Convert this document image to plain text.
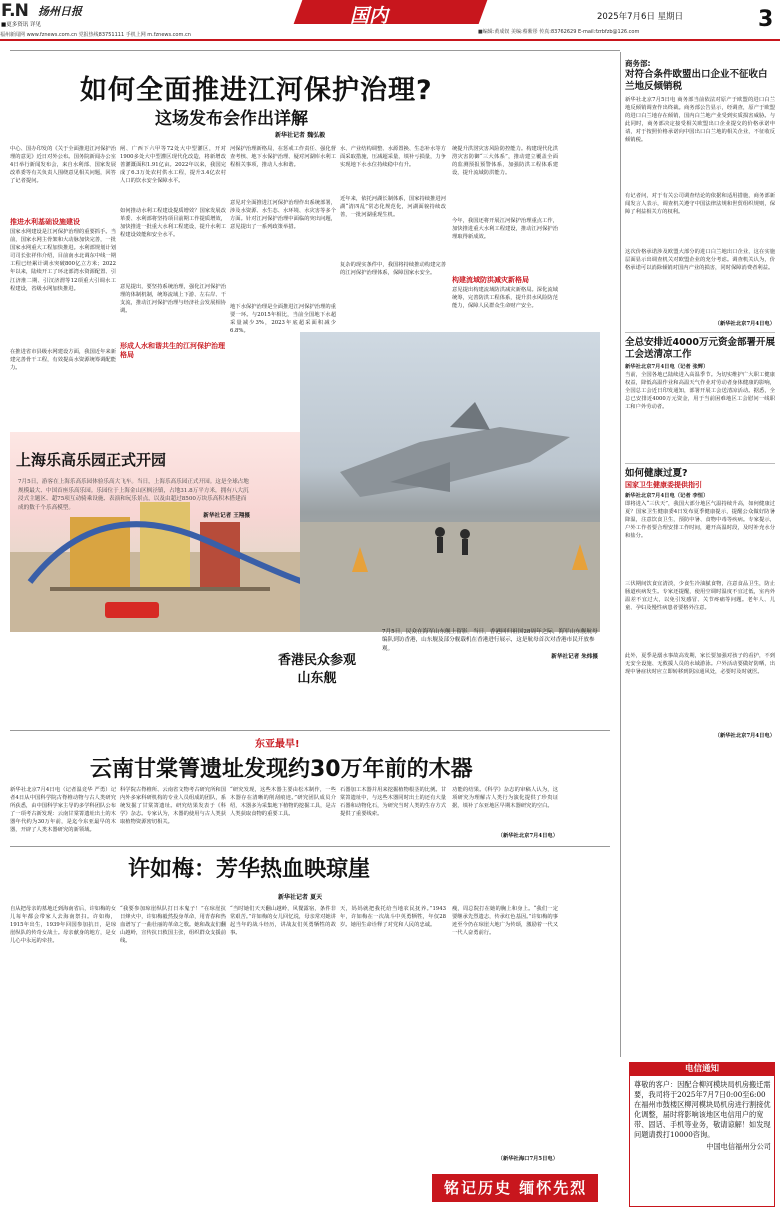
F.N 扬州日报
■更多资讯 详见
福州新闻网 www.fznews.com.cn 党报热线83751111 手机上网 m.fznews.com.cn
国内	2025年7月6日 星期日	3
■编辑:黄成钗 美编:蔡紫彤 传真:83762629 E-mail:fzrbfzb@126.com
如何全面推进江河保护治理?
这场发布会作出详解
新华社记者 魏弘毅

中心、国办印发的《关于全面推进江河保护治理的意见》近日对外公布。国务院新闻办公室4日举行新闻发布会，来自水利部、国家发展改革委等有关负责人围绕意见相关问题，回答了记者提问。

推进水利基础设施建设

国家水网建设是江河保护治理的重要抓手。当前，国家水网主骨架和大动脉加快完善，一批国家水网重大工程加快推进。水利部规划计划司司长张祥伟介绍，目前南水北调东中线一期工程已经累计调水突破800亿立方米；2022年以来，陆续开工了环北部湾水资源配置、引江济淮二期、引汉济渭等12项重大引调水工程建设，省级水网加快推进。

在推进省市县级水网建设方面，我国近年来新建完善骨干工程，有效提高水资源统筹调配能力。

闸、广西下六甲等72处大中型灌区，开对1900多处大中型灌区现代化改造，将新增改善灌溉面积1.91亿亩。2022年以来，我国完成了6.3万处农村供水工程，提升3.4亿农村人口的饮水安全保障水平。

如何推动水利工程建设提质增效？国家发展改革委、水利部将坚持项目前期工作提质增效，加快推进一批重大水利工程建设，提升水利工程建设效能和安全水平。

意见提出，要坚持系统治理，强化江河保护治理的体制机制，统筹流域上下游、左右岸、干支流，推动江河保护治理与经济社会发展相协调。

形成人水和谐共生的江河保护治理格局

河保护治理新格局，在惩戒工作责任、强化督查考核、地下水保护治理、疑对河湖库水利工程相关事项，推动人水和谐。

意见对全面推进江河保护治理作出系统部署，涉及水资源、水生态、水环境、水灾害等多个方面。针对江河保护治理中面临的突出问题，意见提出了一系列政策举措。

地下水保护治理是全面推进江河保护治理的重要一环。与2015年相比，当前全国地下水超采量减少3%，2023年底超采面积减少6.8%。

水、产业结构调整、水源置换、生态补水等方面采取措施，压减超采量，填补亏损量，力争实现地下水水位持续稳中有升。

近年来，依托河湖长制体系，国家持续推进河湖“清四乱”常态化规范化，河湖面貌持续改善，一批河湖重现生机。

复杂的现实条件中，我国将持续推动构建完善的江河保护治理体系，保障国家水安全。

统提升洪涝灾害风险防控能力。构建现代化洪涝灾害防御“三大体系”，推动建立覆盖全面的监测预报预警体系，加强防洪工程体系建设，提升流域防洪能力。

今年，我国还将开展江河保护治理重点工作，加快推进重大水利工程建设，推动江河保护治理取得新成效。

构建流域防洪减灾新格局

意见提出构建流域防洪减灾新格局。深化流域统筹，完善防洪工程体系，提升洪水风险防范能力，保障人民群众生命财产安全。

上海乐高乐园正式开园
7月5日，游客在上海乐高乐园体验乐高大飞车。当日，上海乐高乐园正式开园。这是全球占地规模最大、中国首座乐高乐园。乐园位于上海金山区枫泾镇，占地31.8万平方米，拥有八大沉浸式主题区、超75项互动骑乘设施、表演和玩乐景点，以及由超过8500万块乐高积木搭建而成的数千个乐高模型。
新华社记者 王翔摄
香港民众参观山东舰
7月5日，民众在海军山东舰上留影。当日，香港回归祖国28周年之际，海军山东舰航母编队到访香港，山东舰及部分舰载机在香港进行展示，这是航母首次对香港市民开放参观。
新华社记者 朱炜摄
商务部:
对符合条件欧盟出口企业不征收白兰地反倾销税

新华社北京7月5日电 商务部当前依法对原产于欧盟的进口白兰地反倾销调查作出终裁。商务部公告显示，经调查，原产于欧盟的进口白兰地存在倾销，国内白兰地产业受到实质损害威胁。与此同时，商务部决定接受相关欧盟出口企业提交的价格承诺申请，对于按照价格承诺向中国出口白兰地的相关企业，不征收反倾销税。

有记者问，对于有关公司调查结论的依据和适用措施，商务部新闻发言人表示，调查机关遵守中国法律法规和世贸组织规则，保障了利益相关方的权利。

这次价格承诺涉及欧盟大部分的进口白兰地出口企业，这在实施层面显示出调查机关对欧盟企业的充分考虑。调查机关认为，价格承诺可以消除倾销对国内产业的损害，同时保障消费者利益。

（新华社北京7月4日电）

全总安排近4000万元资金部署开展工会送清凉工作

新华社北京7月4日电（记者 张辉）

当前，全国各地已陆续进入高温季节。为切实维护广大职工健康权益，降低高温作业和高温天气作业对劳动者身体健康的影响，全国总工会近日印发通知，部署开展工会送清凉活动。据悉，全总已安排近4000万元资金，用于当前困难地区工会慰问一线职工和户外劳动者。

如何健康过夏?
国家卫生健康委提供指引

新华社北京7月4日电（记者 李恒）

即将进入“三伏天”，我国大部分地区气温持续升高，如何健康过夏？国家卫生健康委4日发布夏季健康提示，提醒公众做好防暑降温，注意饮食卫生，预防中暑、食物中毒等疾病。专家提示，户外工作者要合理安排工作时间，避开高温时段，及时补充水分和盐分。

三伏期间饮食宜清淡，少食生冷油腻食物，注意食品卫生，防止肠道疾病发生。专家还提醒，使用空调时温度不宜过低，室内外温差不宜过大，以免引发感冒、关节疼痛等问题。老年人、儿童、孕妇及慢性病患者要格外注意。

此外，夏季是溺水事故高发期，家长要加强对孩子的看护，不到无安全设施、无救援人员的水域游泳。户外活动要做好防晒，出现中暑症状时应立即转移到阴凉通风处，必要时及时就医。

（新华社北京7月4日电）

东亚最早!
云南甘棠箐遗址发现约30万年前的木器

新华社北京7月4日电（记者温竞华 严勇）记者4日从中国科学院古脊椎动物与古人类研究所获悉，由中国科学家主导的多学科团队公布了一项考古新发现：云南甘棠箐遗址出土的木器年代约为30万年前，是迄今东亚最早的木器，开辟了人类木器研究的新领域。

科学院古脊椎所、云南省文物考古研究所和国内外多家科研机构的专业人员组成的团队，系统发掘了甘棠箐遗址。研究结果发表于《科学》杂志。专家认为，木器的使用与古人类获取植物资源密切相关。

“研究发现，这些木器主要由松木制作，一些木器存在清晰的削刮痕迹。”研究团队成员介绍，木器多为采集地下植物的挖掘工具，是古人类获取食物的重要工具。

石器加工木器并用来挖掘植物根茎的比例。甘棠箐遗址中，与这些木器同时出土的还有大量石器和动物化石，为研究当时人类的生存方式提供了重要线索。

功能的结果。《科学》杂志的审稿人认为，这项研究为理解古人类行为演化提供了珍贵证据，填补了东亚地区早期木器研究的空白。

（新华社北京7月4日电）

许如梅：芳华热血映琼崖
新华社记者 夏天

自从把母亲的墓地迁到海南省后，许如梅的女儿每年都会带家人去海南祭扫。许如梅，1915年出生，1939年回国参加抗日，是琼崖纵队的传奇女战士。母亲献身的地方，是女儿心中永远的牵挂。

“我要参加琼崖纵队打日本鬼子！”在琼崖抗日烽火中，许如梅毅然投身革命，用青春和热血谱写了一曲壮丽的革命之歌。她和战友们翻山越岭，宣传抗日救国主张，组织群众支援前线。

“当时她们天天翻山越岭，风餐露宿，条件非常艰苦。”许如梅的女儿回忆说，母亲常对她讲起当年的战斗经历，讲战友们英勇牺牲的故事。

天，妈妈就把我托给当地农民抚养。”1943年，许如梅在一次战斗中英勇牺牲，年仅28岁。她用生命诠释了对党和人民的忠诚。

瘦，周总院打在她的胸上和身上。“我们一定要继承先烈遗志，传承红色基因。”许如梅的事迹至今仍在琼崖大地广为传颂，激励着一代又一代人奋勇前行。

（新华社海口7月5日电）

铭记历史 缅怀先烈
电信通知

尊敬的客户：因配合柳河模块局机房搬迁需要，我司将于2025年7月7日0:00至6:00在福州市鼓楼区柳河模块局机房进行割接优化调整，届时将影响该地区电信用户的宽带、固话、手机等业务，敬请谅解！如发现问题请拨打10000咨询。

中国电信福州分公司
